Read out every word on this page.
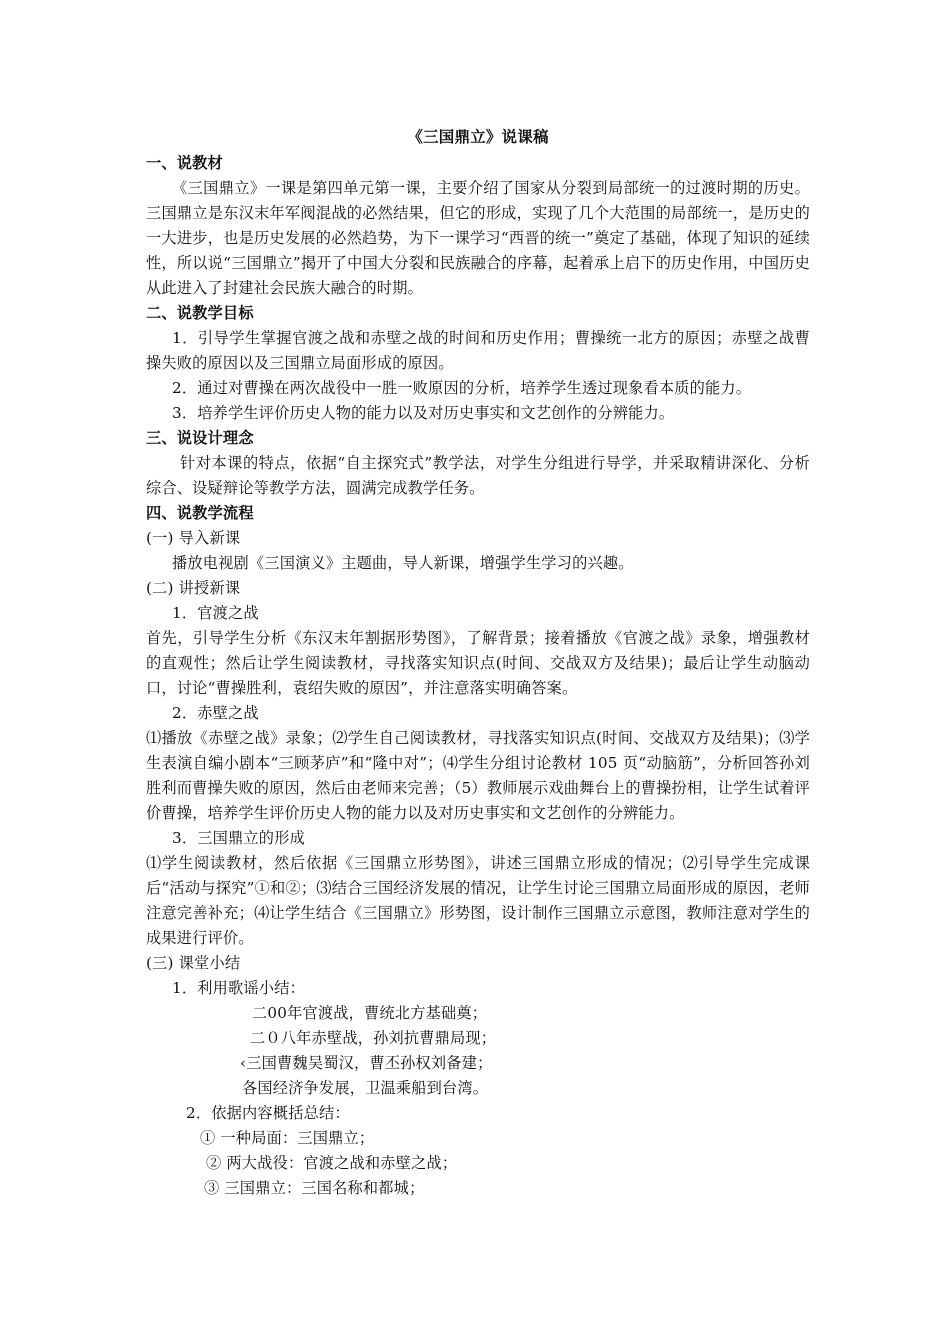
《三国鼎立》说课稿
一、说教材

《三国鼎立》一课是第四单元第一课，主要介绍了国家从分裂到局部统一的过渡时期的历史。三国鼎立是东汉末年军阀混战的必然结果，但它的形成，实现了几个大范围的局部统一，是历史的一大进步，也是历史发展的必然趋势，为下一课学习“西晋的统一”奠定了基础，体现了知识的延续性，所以说“三国鼎立”揭开了中国大分裂和民族融合的序幕，起着承上启下的历史作用，中国历史从此进入了封建社会民族大融合的时期。

二、说教学目标

1．引导学生掌握官渡之战和赤壁之战的时间和历史作用；曹操统一北方的原因；赤壁之战曹操失败的原因以及三国鼎立局面形成的原因。

2．通过对曹操在两次战役中一胜一败原因的分析，培养学生透过现象看本质的能力。

3．培养学生评价历史人物的能力以及对历史事实和文艺创作的分辨能力。

三、说设计理念

针对本课的特点，依据“自主探究式”教学法，对学生分组进行导学，并采取精讲深化、分析综合、设疑辩论等教学方法，圆满完成教学任务。

四、说教学流程

(一) 导入新课

播放电视剧《三国演义》主题曲，导人新课，增强学生学习的兴趣。

(二) 讲授新课

1．官渡之战

首先，引导学生分析《东汉末年割据形势图》，了解背景；接着播放《官渡之战》录象，增强教材的直观性；然后让学生阅读教材，寻找落实知识点(时间、交战双方及结果)；最后让学生动脑动口，讨论“曹操胜利，袁绍失败的原因”，并注意落实明确答案。

2．赤壁之战

⑴播放《赤壁之战》录象；⑵学生自己阅读教材，寻找落实知识点(时间、交战双方及结果)；⑶学生表演自编小剧本“三顾茅庐”和“隆中对”；⑷学生分组讨论教材 105 页“动脑筋”，分析回答孙刘胜利而曹操失败的原因，然后由老师来完善；（5）教师展示戏曲舞台上的曹操扮相，让学生试着评价曹操，培养学生评价历史人物的能力以及对历史事实和文艺创作的分辨能力。

3．三国鼎立的形成

⑴学生阅读教材，然后依据《三国鼎立形势图》，讲述三国鼎立形成的情况；⑵引导学生完成课后“活动与探究”①和②；⑶结合三国经济发展的情况，让学生讨论三国鼎立局面形成的原因，老师注意完善补充；⑷让学生结合《三国鼎立》形势图，设计制作三国鼎立示意图，教师注意对学生的成果进行评价。

(三) 课堂小结

1．利用歌谣小结：

二00年官渡战，曹统北方基础奠；

二０八年赤壁战，孙刘抗曹鼎局现；

‹三国曹魏吴蜀汉，曹丕孙权刘备建；

各国经济争发展，卫温乘船到台湾。

2．依据内容概括总结：

① 一种局面：三国鼎立；

② 两大战役：官渡之战和赤壁之战；

③ 三国鼎立：三国名称和都城；
